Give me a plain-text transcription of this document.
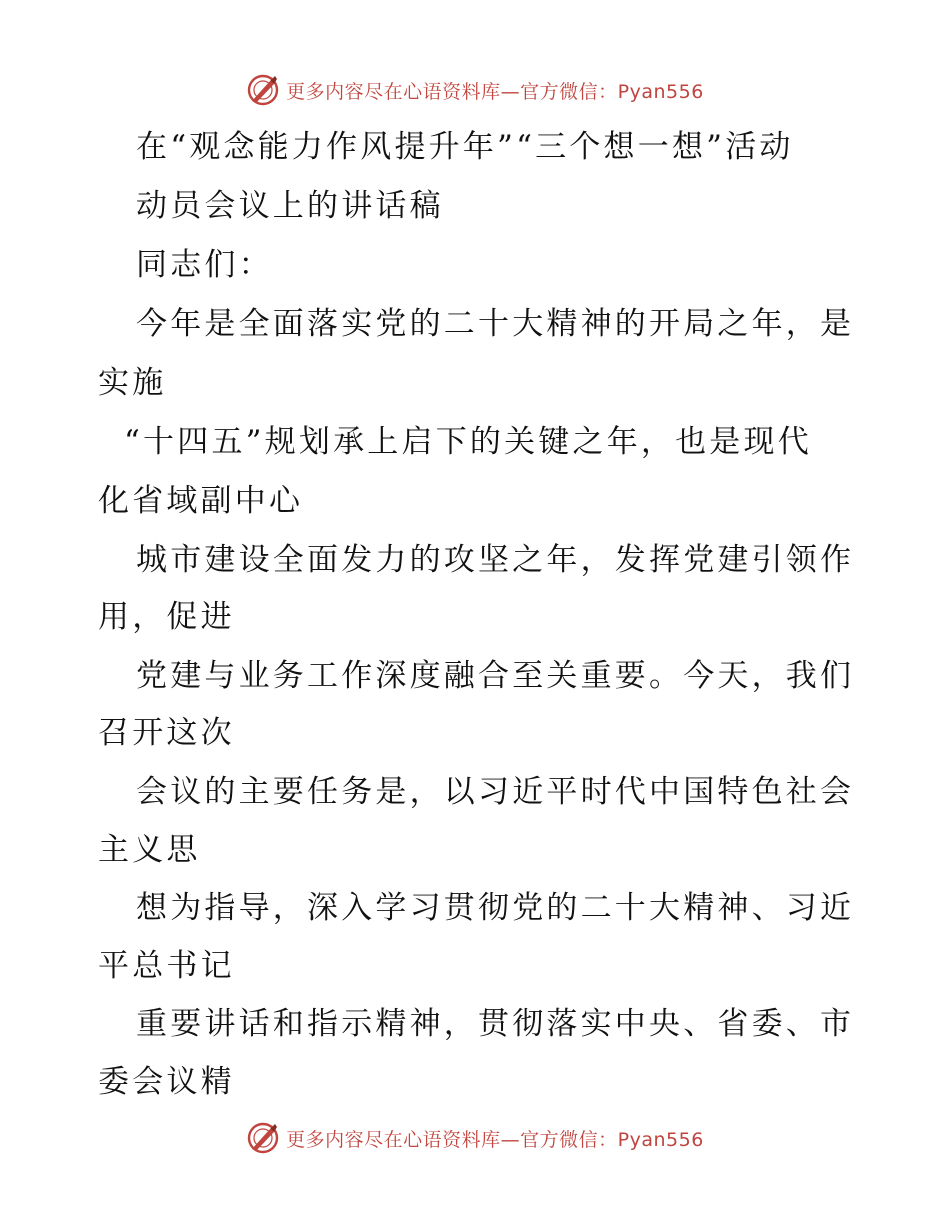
更多内容尽在心语资料库—官方微信：Pyan556
在“观念能力作风提升年”“三个想一想”活动
动员会议上的讲话稿
同志们：
今年是全面落实党的二十大精神的开局之年，是
实施
“十四五”规划承上启下的关键之年，也是现代
化省域副中心
城市建设全面发力的攻坚之年，发挥党建引领作
用，促进
党建与业务工作深度融合至关重要。今天，我们
召开这次
会议的主要任务是，以习近平时代中国特色社会
主义思
想为指导，深入学习贯彻党的二十大精神、习近
平总书记
重要讲话和指示精神，贯彻落实中央、省委、市
委会议精
更多内容尽在心语资料库—官方微信：Pyan556
